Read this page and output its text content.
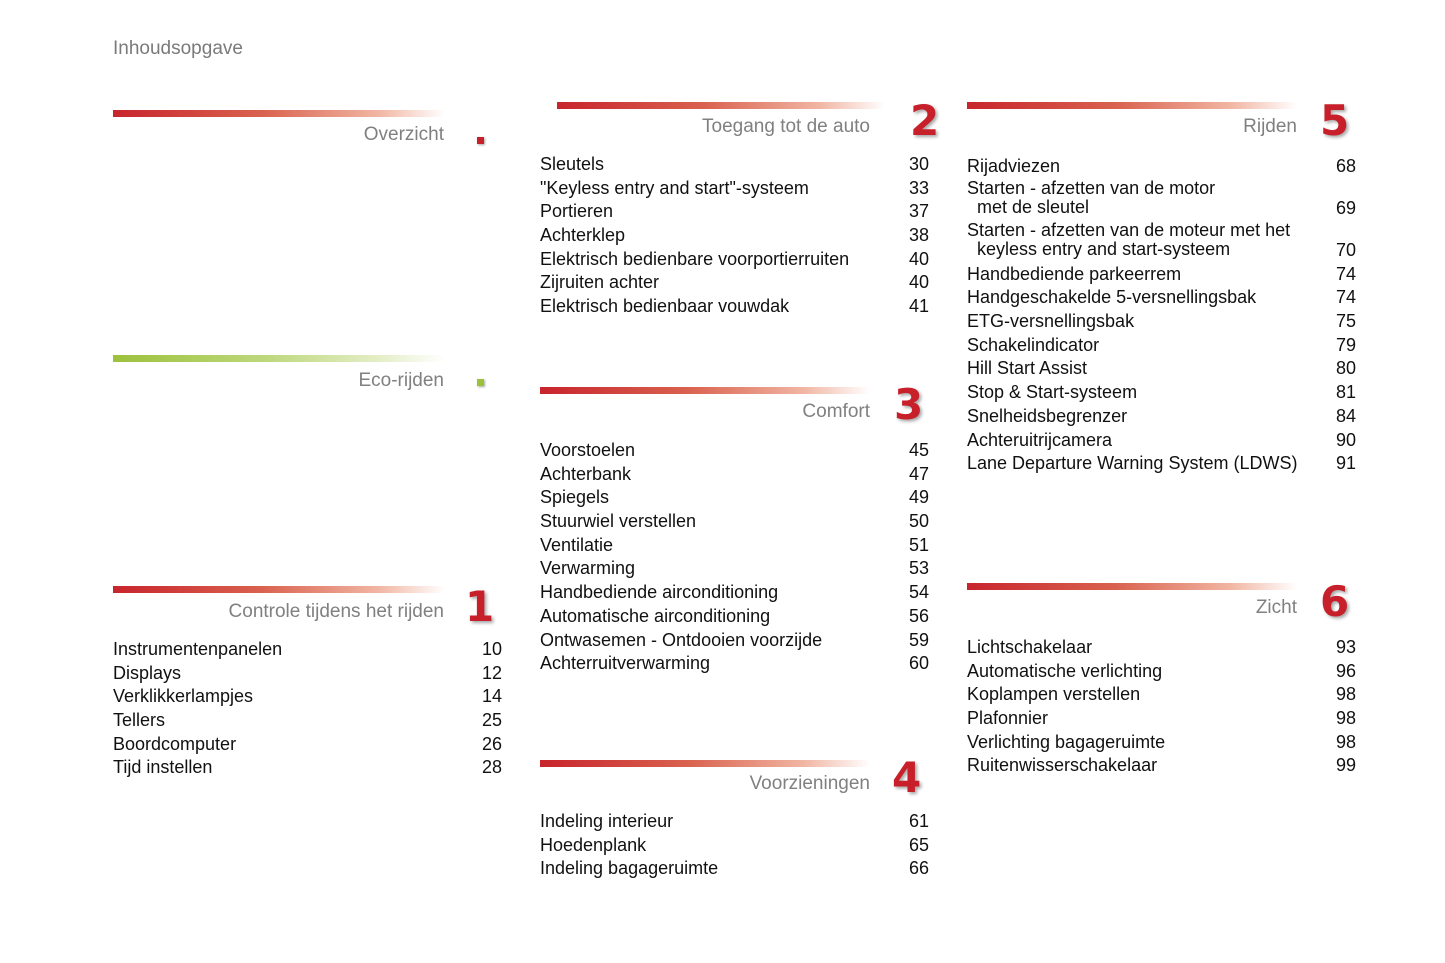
Inhoudsopgave
Overzicht
Eco-rijden
Controle tijdens het rijden 1
Instrumentenpanelen	10
Displays	12
Verklikkerlampjes	14
Tellers	25
Boordcomputer	26
Tijd instellen	28
Toegang tot de auto 2
Sleutels	30
"Keyless entry and start"-systeem	33
Portieren	37
Achterklep	38
Elektrisch bedienbare voorportierruiten	40
Zijruiten achter	40
Elektrisch bedienbaar vouwdak	41
Comfort 3
Voorstoelen	45
Achterbank	47
Spiegels	49
Stuurwiel verstellen	50
Ventilatie	51
Verwarming	53
Handbediende airconditioning	54
Automatische airconditioning	56
Ontwasemen - Ontdooien voorzijde	59
Achterruitverwarming	60
Voorzieningen 4
Indeling interieur	61
Hoedenplank	65
Indeling bagageruimte	66
Rijden 5
Rijadviezen	68
Starten - afzetten van de motor
met de sleutel	69
Starten - afzetten van de moteur met het
keyless entry and start-systeem	70
Handbediende parkeerrem	74
Handgeschakelde 5-versnellingsbak	74
ETG-versnellingsbak	75
Schakelindicator	79
Hill Start Assist	80
Stop & Start-systeem	81
Snelheidsbegrenzer	84
Achteruitrijcamera	90
Lane Departure Warning System (LDWS) 91
Zicht 6
Lichtschakelaar	93
Automatische verlichting	96
Koplampen verstellen	98
Plafonnier	98
Verlichting bagageruimte	98
Ruitenwisserschakelaar	99
